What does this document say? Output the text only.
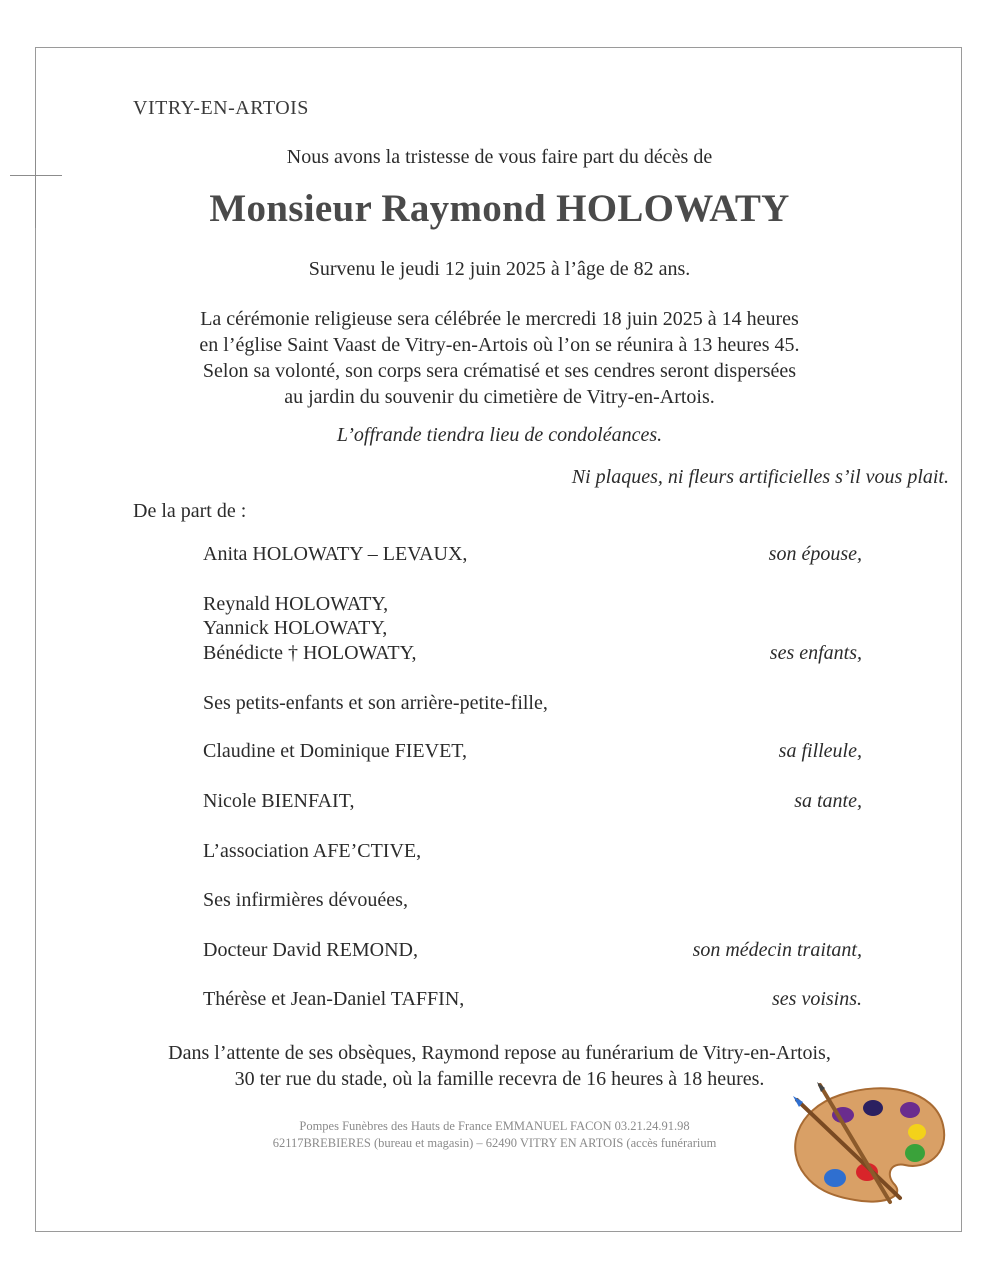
VITRY-EN-ARTOIS
Nous avons la tristesse de vous faire part du décès de
Monsieur Raymond HOLOWATY
Survenu le jeudi 12 juin 2025 à l’âge de 82 ans.
La cérémonie religieuse sera célébrée le mercredi 18 juin 2025 à 14 heures
en l’église Saint Vaast de Vitry-en-Artois où l’on se réunira à 13 heures 45.
Selon sa volonté, son corps sera crématisé et ses cendres seront dispersées
au jardin du souvenir du cimetière de Vitry-en-Artois.
L’offrande tiendra lieu de condoléances.
Ni plaques, ni fleurs artificielles s’il vous plait.
De la part de :
Anita HOLOWATY – LEVAUX,	son épouse,
Reynald HOLOWATY,
Yannick HOLOWATY,
Bénédicte † HOLOWATY,	ses enfants,
Ses petits-enfants et son arrière-petite-fille,
Claudine et Dominique FIEVET,	sa filleule,
Nicole BIENFAIT,	sa tante,
L’association AFE’CTIVE,
Ses infirmières dévouées,
Docteur David REMOND,	son médecin traitant,
Thérèse et Jean-Daniel TAFFIN,	ses voisins.
Dans l’attente de ses obsèques, Raymond repose au funérarium de Vitry-en-Artois,
30 ter rue du stade, où la famille recevra de 16 heures à 18 heures.
Pompes Funèbres des Hauts de France EMMANUEL FACON 03.21.24.91.98
62117BREBIERES (bureau et magasin) – 62490 VITRY EN ARTOIS (accès funérarium
